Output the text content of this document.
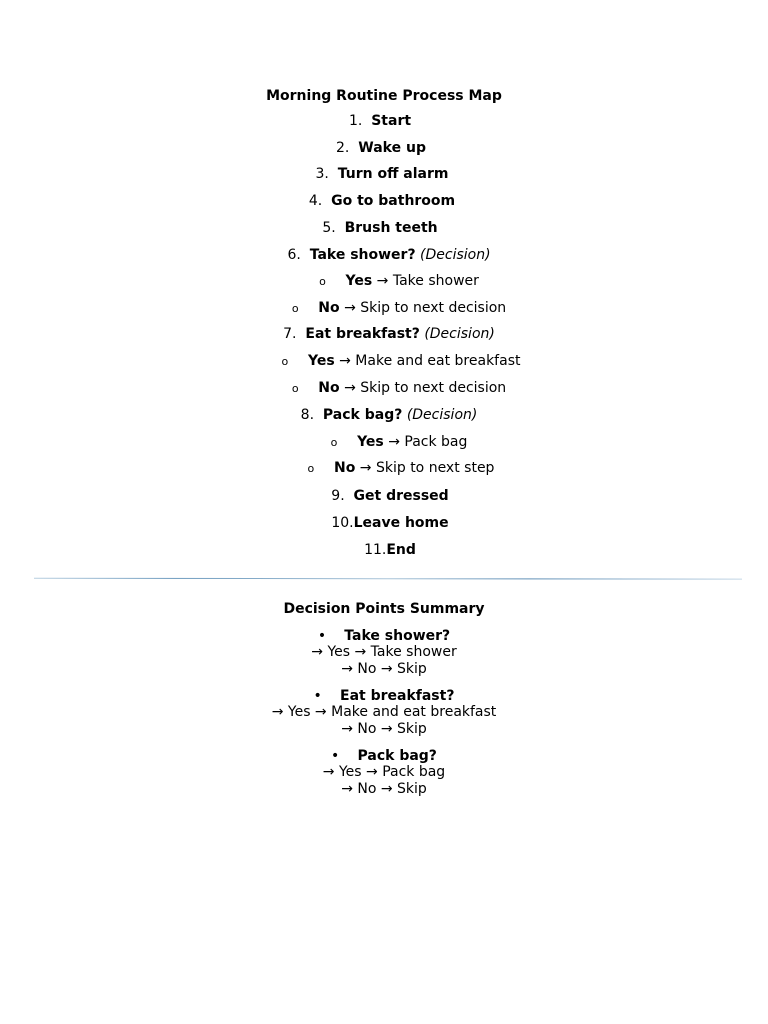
Morning Routine Process Map
1. Start
2. Wake up
3. Turn off alarm
4. Go to bathroom
5. Brush teeth
6. Take shower? (Decision)
o Yes → Take shower
o No → Skip to next decision
7. Eat breakfast? (Decision)
o Yes → Make and eat breakfast
o No → Skip to next decision
8. Pack bag? (Decision)
o Yes → Pack bag
o No → Skip to next step
9. Get dressed
10.Leave home
11.End
Decision Points Summary
• Take shower?
→ Yes → Take shower
→ No → Skip
• Eat breakfast?
→ Yes → Make and eat breakfast
→ No → Skip
• Pack bag?
→ Yes → Pack bag
→ No → Skip
